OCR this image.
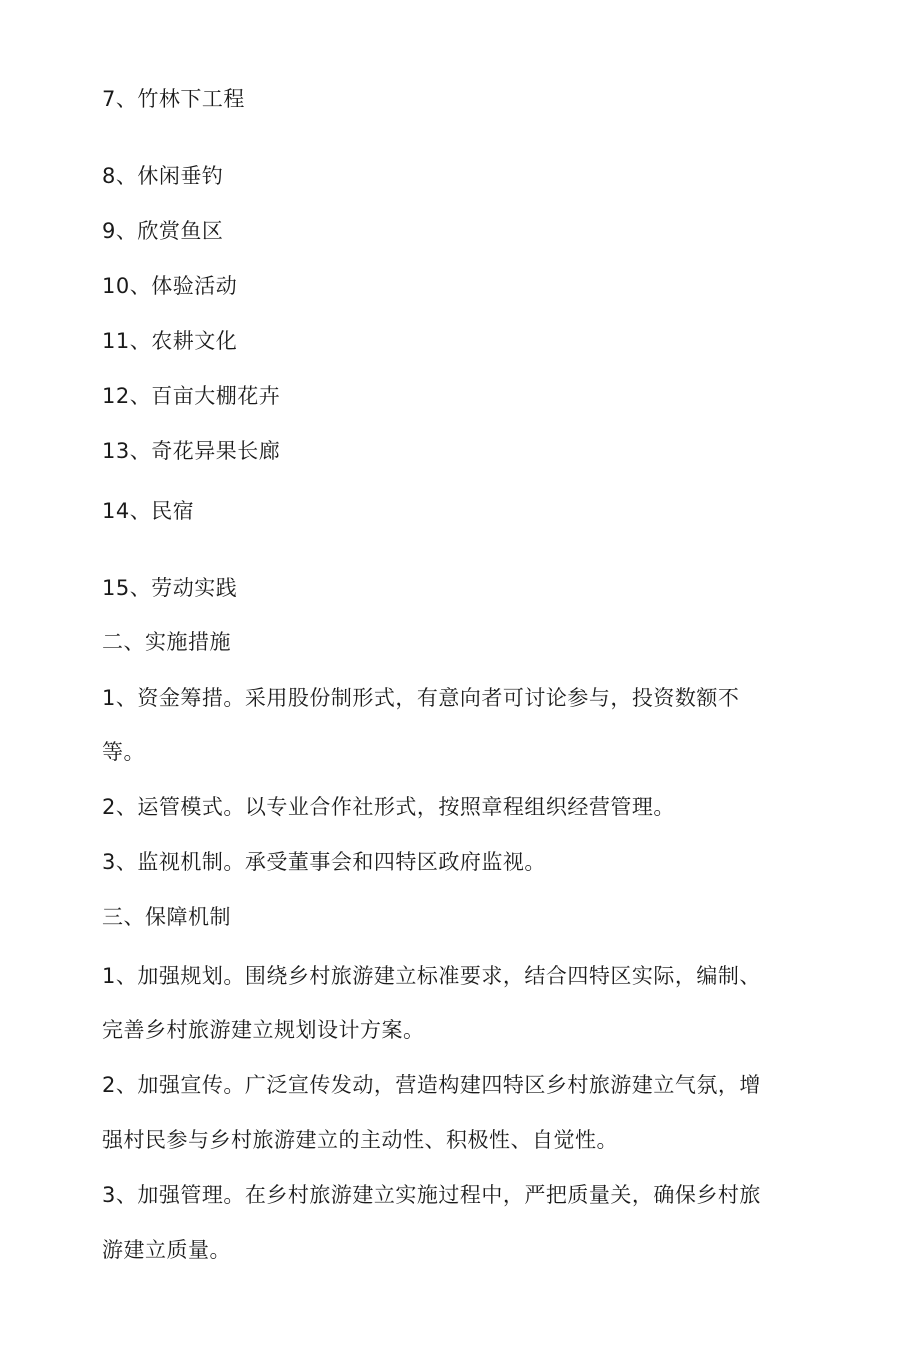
7、竹林下工程
8、休闲垂钓
9、欣赏鱼区
10、体验活动
11、农耕文化
12、百亩大棚花卉
13、奇花异果长廊
14、民宿
15、劳动实践
二、实施措施
1、资金筹措。采用股份制形式，有意向者可讨论参与，投资数额不
等。
2、运管模式。以专业合作社形式，按照章程组织经营管理。
3、监视机制。承受董事会和四特区政府监视。
三、保障机制
1、加强规划。围绕乡村旅游建立标准要求，结合四特区实际，编制、
完善乡村旅游建立规划设计方案。
2、加强宣传。广泛宣传发动，营造构建四特区乡村旅游建立气氛，增
强村民参与乡村旅游建立的主动性、积极性、自觉性。
3、加强管理。在乡村旅游建立实施过程中，严把质量关，确保乡村旅
游建立质量。
